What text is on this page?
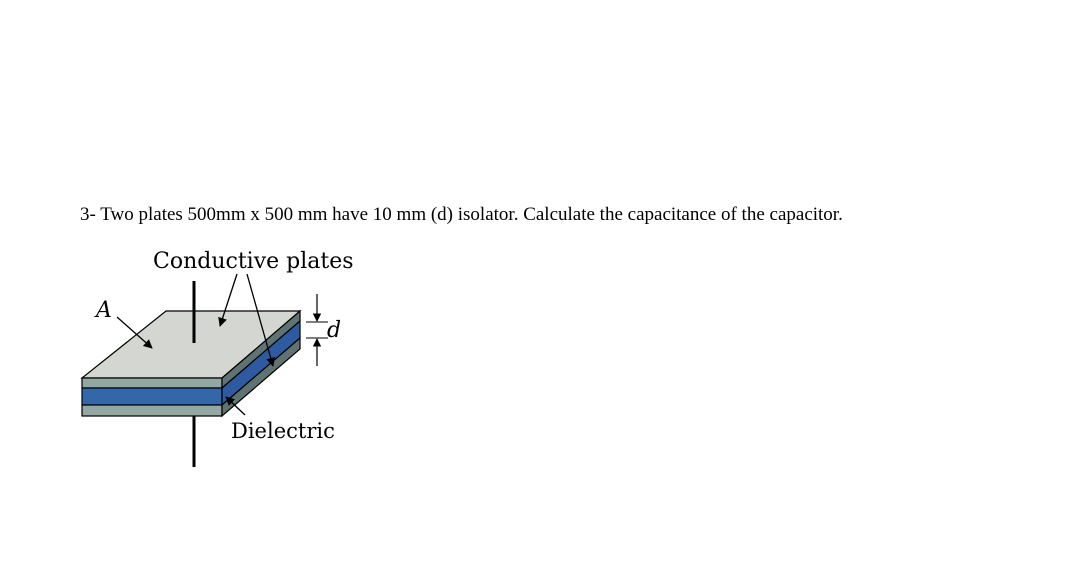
3- Two plates 500mm x 500 mm have 10 mm (d) isolator. Calculate the capacitance of the capacitor.

Conductive plates
A
d
Dielectric
